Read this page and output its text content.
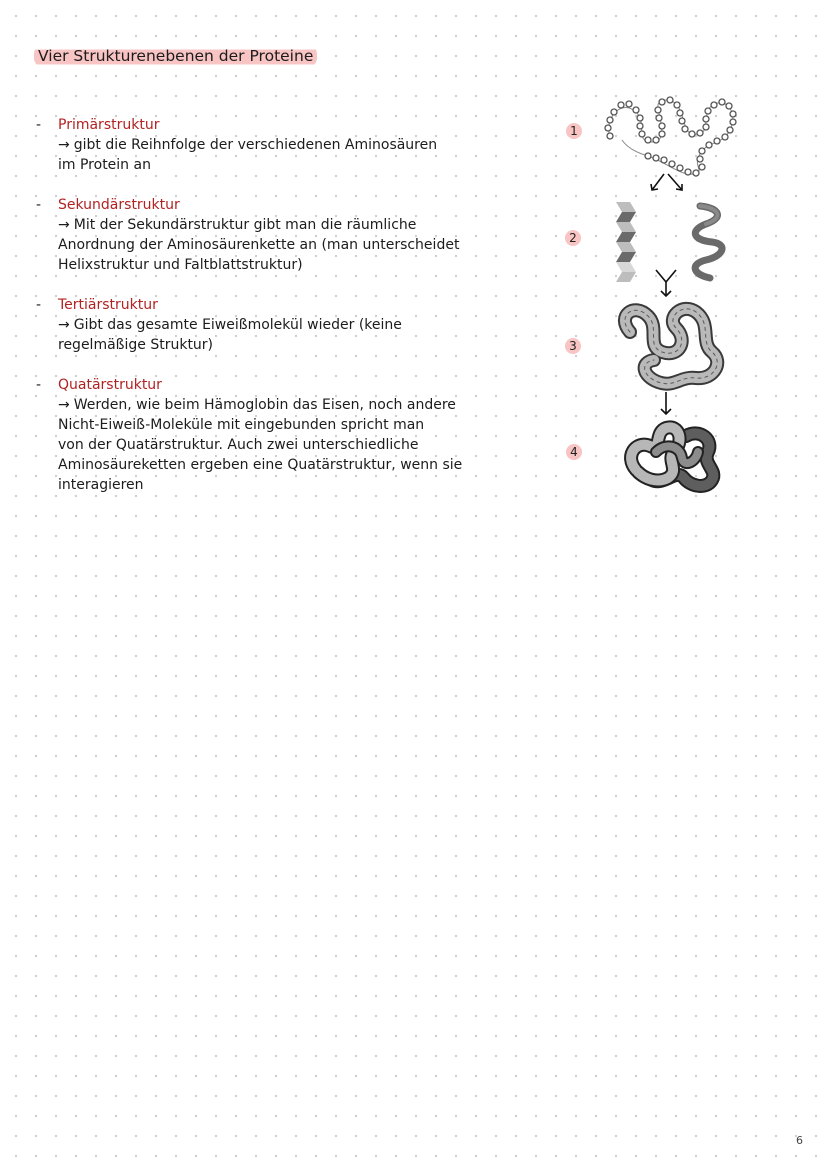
Vier Strukturenebenen der Proteine
- Primärstruktur

→ gibt die Reihnfolge der verschiedenen Aminosäuren
im Protein an

- Sekundärstruktur

→ Mit der Sekundärstruktur gibt man die räumliche
Anordnung der Aminosäurenkette an (man unterscheidet
Helixstruktur und Faltblattstruktur)

- Tertiärstruktur

→ Gibt das gesamte Eiweißmolekül wieder (keine
regelmäßige Struktur)

- Quatärstruktur

→ Werden, wie beim Hämoglobin das Eisen, noch andere
Nicht-Eiweiß-Moleküle mit eingebunden spricht man
von der Quatärstruktur. Auch zwei unterschiedliche
Aminosäureketten ergeben eine Quatärstruktur, wenn sie
interagieren

1
2
3
4
6
